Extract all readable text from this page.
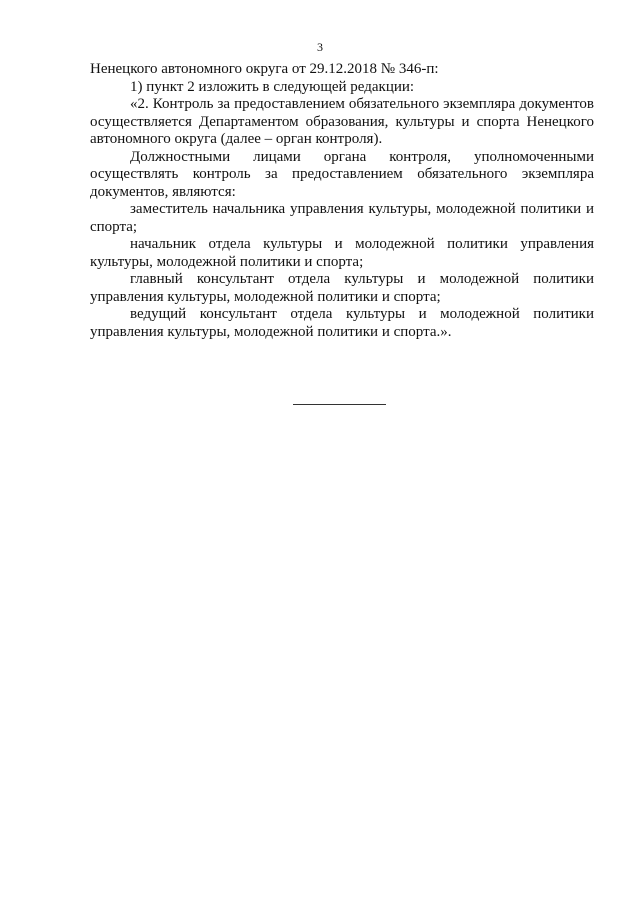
3

Ненецкого автономного округа от 29.12.2018 № 346-п:

1) пункт 2 изложить в следующей редакции:

«2. Контроль за предоставлением обязательного экземпляра документов осуществляется Департаментом образования, культуры и спорта Ненецкого автономного округа (далее – орган контроля).

Должностными лицами органа контроля, уполномоченными осуществлять контроль за предоставлением обязательного экземпляра документов, являются:

заместитель начальника управления культуры, молодежной политики и спорта;

начальник отдела культуры и молодежной политики управления культуры, молодежной политики и спорта;

главный консультант отдела культуры и молодежной политики управления культуры, молодежной политики и спорта;

ведущий консультант отдела культуры и молодежной политики управления культуры, молодежной политики и спорта.».
